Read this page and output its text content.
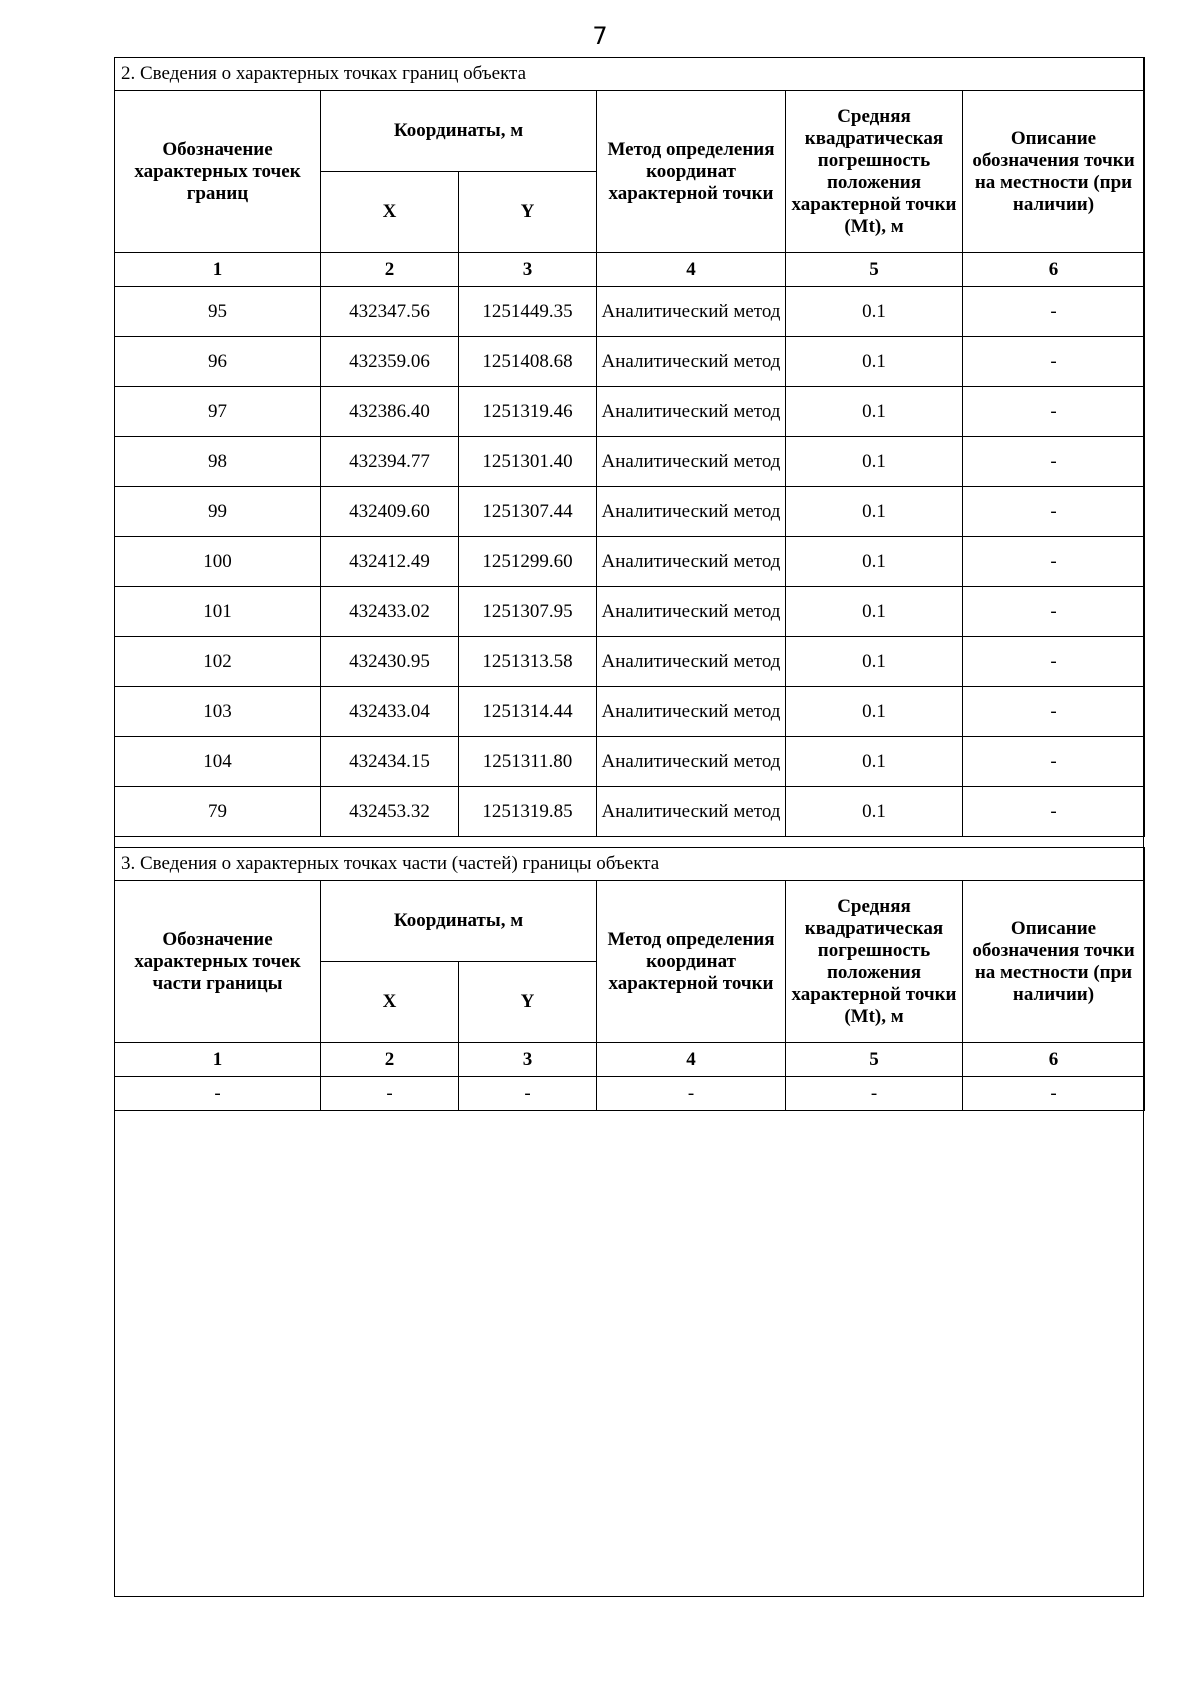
7
2. Сведения о характерных точках границ объекта					
Обозначение характерных точек границ	Координаты, м		Метод определения координат характерной точки	Средняя квадратическая погрешность положения характерной точки (Mt), м	Описание обозначения точки на местности (при наличии)
	X	Y			
1	2	3	4	5	6
95	432347.56	1251449.35	Аналитический метод	0.1	-
96	432359.06	1251408.68	Аналитический метод	0.1	-
97	432386.40	1251319.46	Аналитический метод	0.1	-
98	432394.77	1251301.40	Аналитический метод	0.1	-
99	432409.60	1251307.44	Аналитический метод	0.1	-
100	432412.49	1251299.60	Аналитический метод	0.1	-
101	432433.02	1251307.95	Аналитический метод	0.1	-
102	432430.95	1251313.58	Аналитический метод	0.1	-
103	432433.04	1251314.44	Аналитический метод	0.1	-
104	432434.15	1251311.80	Аналитический метод	0.1	-
79	432453.32	1251319.85	Аналитический метод	0.1	-
3. Сведения о характерных точках части (частей) границы объекта					
Обозначение характерных точек части границы	Координаты, м		Метод определения координат характерной точки	Средняя квадратическая погрешность положения характерной точки (Mt), м	Описание обозначения точки на местности (при наличии)
	X	Y			
1	2	3	4	5	6
-	-	-	-	-	-
